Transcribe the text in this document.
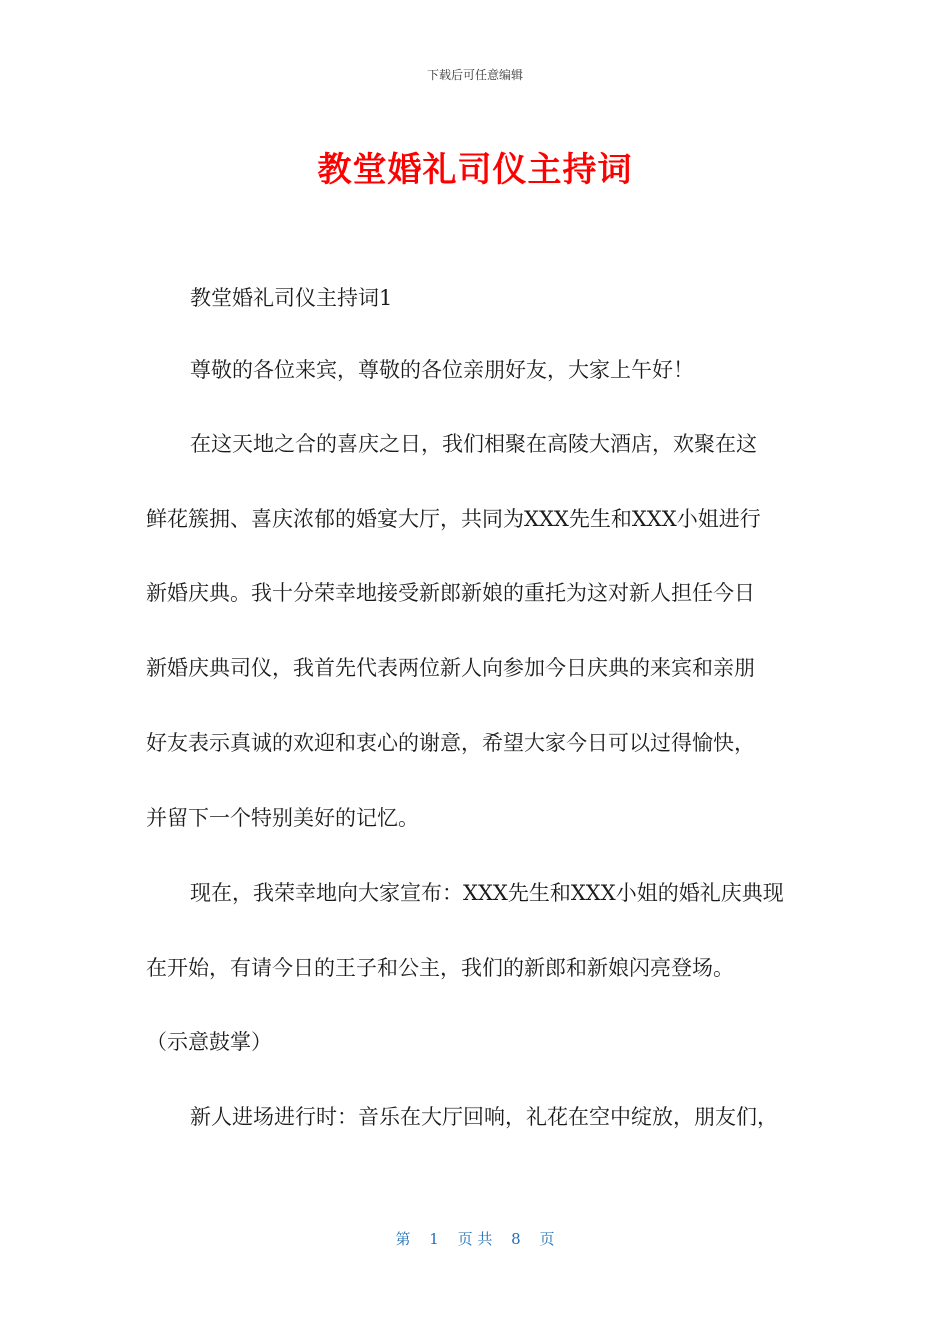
下载后可任意编辑
教堂婚礼司仪主持词
教堂婚礼司仪主持词1
尊敬的各位来宾，尊敬的各位亲朋好友，大家上午好！
在这天地之合的喜庆之日，我们相聚在高陵大酒店，欢聚在这
鲜花簇拥、喜庆浓郁的婚宴大厅，共同为XXX先生和XXX小姐进行
新婚庆典。我十分荣幸地接受新郎新娘的重托为这对新人担任今日
新婚庆典司仪，我首先代表两位新人向参加今日庆典的来宾和亲朋
好友表示真诚的欢迎和衷心的谢意，希望大家今日可以过得愉快，
并留下一个特别美好的记忆。
现在，我荣幸地向大家宣布：XXX先生和XXX小姐的婚礼庆典现
在开始，有请今日的王子和公主，我们的新郎和新娘闪亮登场。
（示意鼓掌）
新人进场进行时：音乐在大厅回响，礼花在空中绽放，朋友们，
第 1 页 共 8 页
